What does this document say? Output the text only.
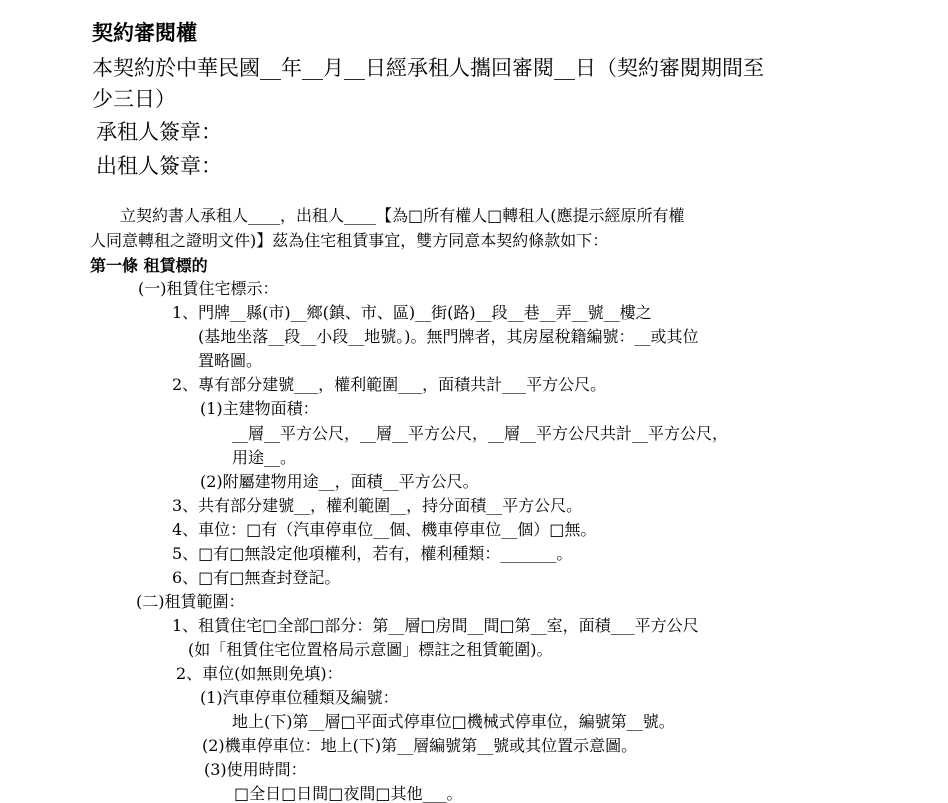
契約審閱權
本契約於中華民國__年__月__日經承租人攜回審閱__日（契約審閱期間至
少三日）
承租人簽章：
出租人簽章：
立契約書人承租人____，出租人____【為□所有權人□轉租人(應提示經原所有權
人同意轉租之證明文件)】茲為住宅租賃事宜，雙方同意本契約條款如下：
第一條 租賃標的
(一)租賃住宅標示：
1、門牌__縣(市)__鄉(鎮、市、區)__街(路)__段__巷__弄__號__樓之
(基地坐落__段__小段__地號。)。無門牌者，其房屋稅籍編號：__或其位
置略圖。
2、專有部分建號___，權利範圍___，面積共計___平方公尺。
(1)主建物面積：
__層__平方公尺，__層__平方公尺，__層__平方公尺共計__平方公尺，
用途__。
(2)附屬建物用途__，面積__平方公尺。
3、共有部分建號__，權利範圍__，持分面積__平方公尺。
4、車位：□有（汽車停車位__個、機車停車位__個）□無。
5、□有□無設定他項權利，若有，權利種類：_______。
6、□有□無查封登記。
(二)租賃範圍：
1、租賃住宅□全部□部分：第__層□房間__間□第__室，面積___平方公尺
(如「租賃住宅位置格局示意圖」標註之租賃範圍)。
2、車位(如無則免填)：
(1)汽車停車位種類及編號：
地上(下)第__層□平面式停車位□機械式停車位，編號第__號。
(2)機車停車位：地上(下)第__層編號第__號或其位置示意圖。
(3)使用時間：
□全日□日間□夜間□其他___。
